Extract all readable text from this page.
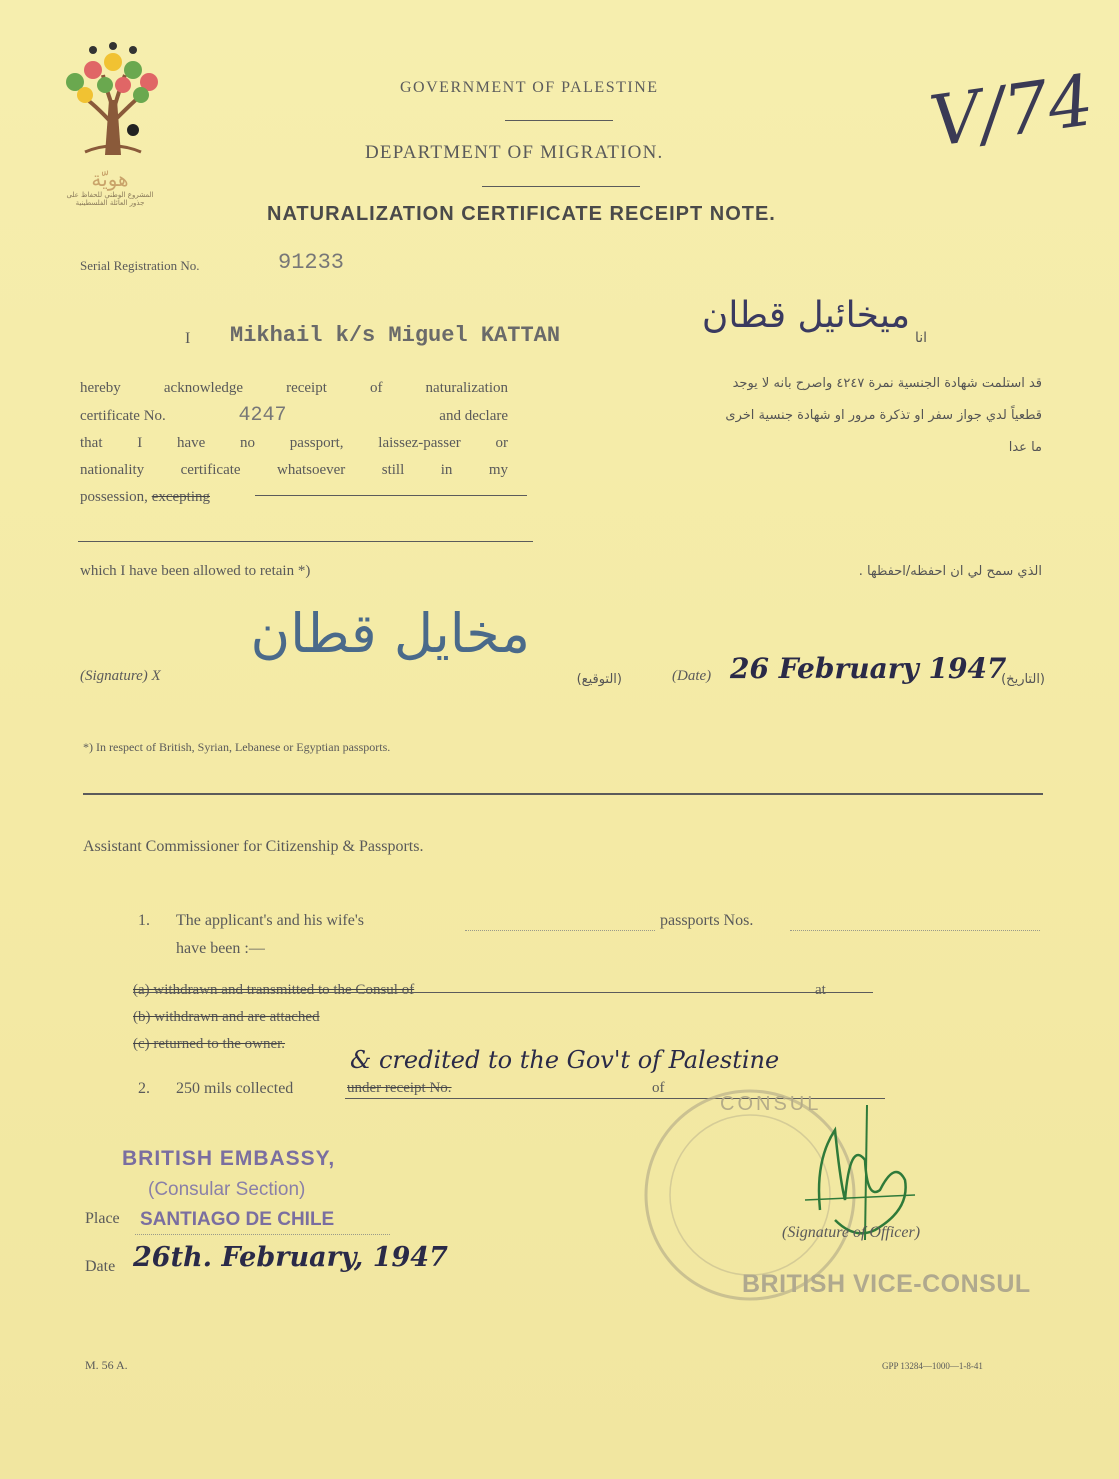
هويّة
المشروع الوطني للحفاظ على
جذور العائلة الفلسطينية
GOVERNMENT OF PALESTINE
DEPARTMENT OF MIGRATION.
NATURALIZATION CERTIFICATE RECEIPT NOTE.
V/74
Serial Registration No.	91233
I Mikhail k/s Miguel KATTAN	انا
ميخائيل قطان
hereby acknowledge receipt of naturalization
certificate No.	4247	and declare
that I have no passport, laissez-passer or
nationality certificate whatsoever still in my
possession, excepting
قد استلمت شهادة الجنسية نمرة ٤٢٤٧ واصرح بانه لا يوجد
قطعياً لدي جواز سفر او تذكرة مرور او شهادة جنسية اخرى
ما عدا
which I have been allowed to retain *)	الذي سمح لي ان احفظه/احفظها .
(Signature) X
مخايل قطان
(التوقيع)	(Date) 26 February 1947
(التاريخ)
*) In respect of British, Syrian, Lebanese or Egyptian passports.
Assistant Commissioner for Citizenship & Passports.
1. The applicant's and his wife's	passports Nos.
have been :—
(a) withdrawn and transmitted to the Consul of	at
(b) withdrawn and are attached
(c) returned to the owner.
2. 250 mils collected	under receipt No.	of
& credited to the Gov't of Palestine
CONSUL
(Signature of Officer)
BRITISH VICE-CONSUL
BRITISH EMBASSY,
(Consular Section)
Place SANTIAGO DE CHILE
Date 26th. February, 1947
M. 56 A.	GPP 13284—1000—1-8-41
